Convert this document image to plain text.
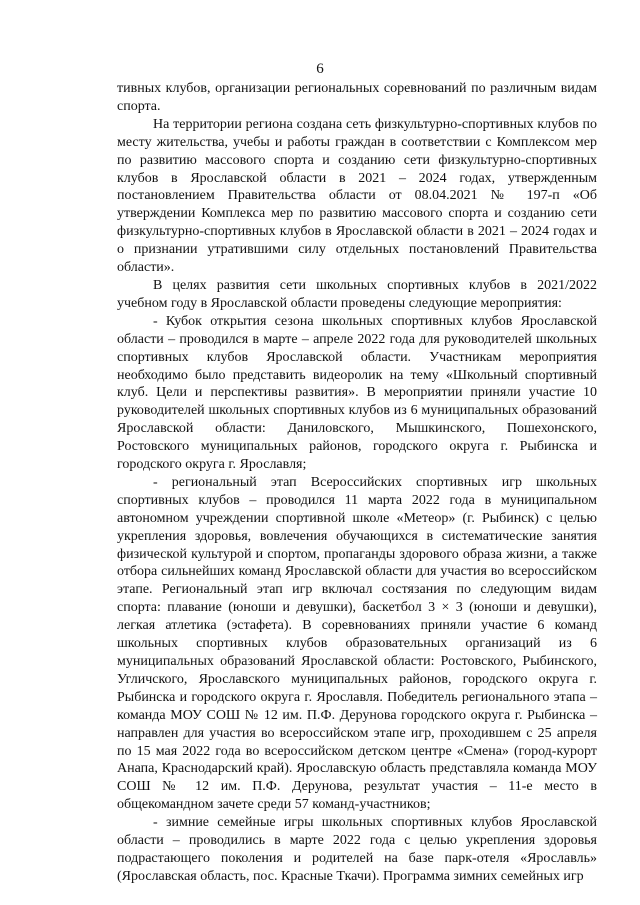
6

тивных клубов, организации региональных соревнований по различным видам спорта.

На территории региона создана сеть физкультурно-спортивных клубов по месту жительства, учебы и работы граждан в соответствии с Комплексом мер по развитию массового спорта и созданию сети физкультурно-спортивных клубов в Ярославской области в 2021 – 2024 годах, утвержденным постановлением Правительства области от 08.04.2021 № 197-п «Об утверждении Комплекса мер по развитию массового спорта и созданию сети физкультурно-спортивных клубов в Ярославской области в 2021 – 2024 годах и о признании утратившими силу отдельных постановлений Правительства области».

В целях развития сети школьных спортивных клубов в 2021/2022 учебном году в Ярославской области проведены следующие мероприятия:

- Кубок открытия сезона школьных спортивных клубов Ярославской области – проводился в марте – апреле 2022 года для руководителей школьных спортивных клубов Ярославской области. Участникам мероприятия необходимо было представить видеоролик на тему «Школьный спортивный клуб. Цели и перспективы развития». В мероприятии приняли участие 10 руководителей школьных спортивных клубов из 6 муниципальных образований Ярославской области: Даниловского, Мышкинского, Пошехонского, Ростовского муниципальных районов, городского округа г. Рыбинска и городского округа г. Ярославля;

- региональный этап Всероссийских спортивных игр школьных спортивных клубов – проводился 11 марта 2022 года в муниципальном автономном учреждении спортивной школе «Метеор» (г. Рыбинск) с целью укрепления здоровья, вовлечения обучающихся в систематические занятия физической культурой и спортом, пропаганды здорового образа жизни, а также отбора сильнейших команд Ярославской области для участия во всероссийском этапе. Региональный этап игр включал состязания по следующим видам спорта: плавание (юноши и девушки), баскетбол 3 × 3 (юноши и девушки), легкая атлетика (эстафета). В соревнованиях приняли участие 6 команд школьных спортивных клубов образовательных организаций из 6 муниципальных образований Ярославской области: Ростовского, Рыбинского, Угличского, Ярославского муниципальных районов, городского округа г. Рыбинска и городского округа г. Ярославля. Победитель регионального этапа – команда МОУ СОШ № 12 им. П.Ф. Дерунова городского округа г. Рыбинска – направлен для участия во всероссийском этапе игр, проходившем с 25 апреля по 15 мая 2022 года во всероссийском детском центре «Смена» (город-курорт Анапа, Краснодарский край). Ярославскую область представляла команда МОУ СОШ № 12 им. П.Ф. Дерунова, результат участия – 11-е место в общекомандном зачете среди 57 команд-участников;

- зимние семейные игры школьных спортивных клубов Ярославской области – проводились в марте 2022 года с целью укрепления здоровья подрастающего поколения и родителей на базе парк-отеля «Ярославль» (Ярославская область, пос. Красные Ткачи). Программа зимних семейных игр
